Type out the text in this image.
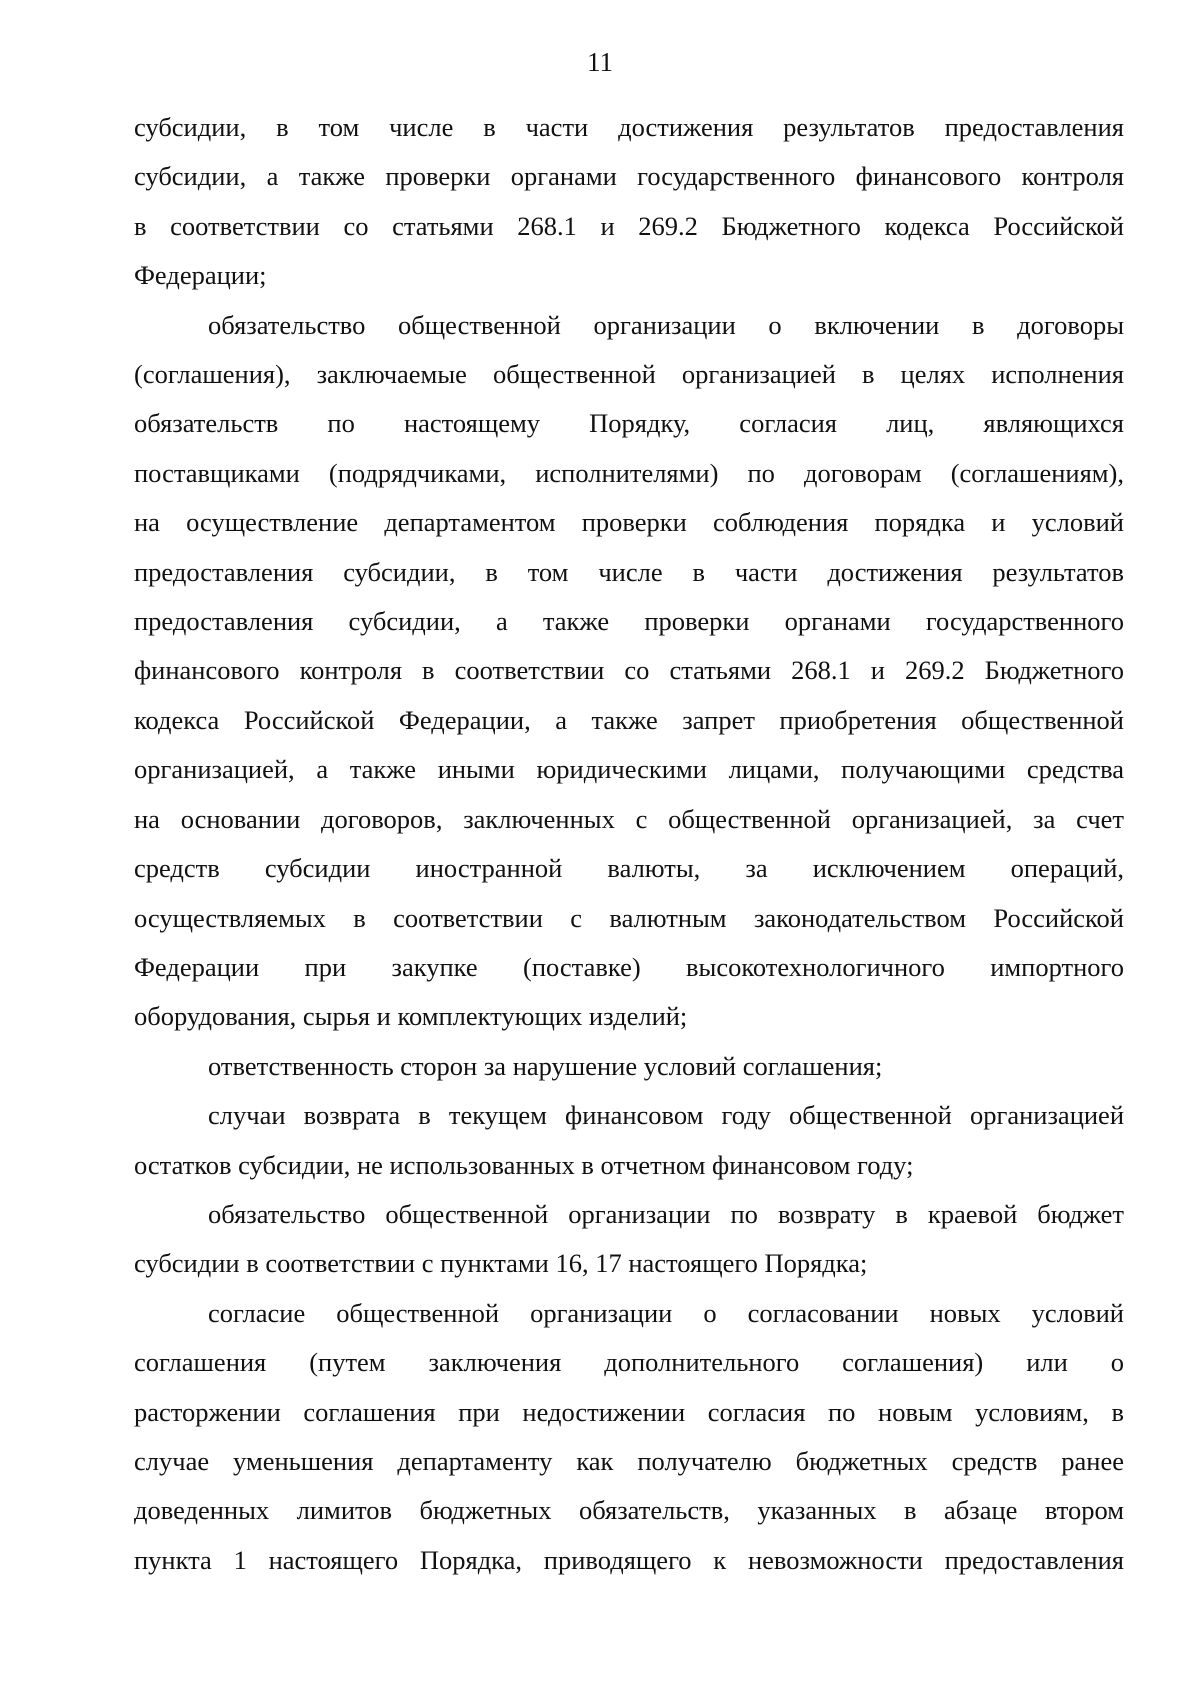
11
субсидии, в том числе в части достижения результатов предоставления
субсидии, а также проверки органами государственного финансового контроля
в соответствии со статьями 268.1 и 269.2 Бюджетного кодекса Российской
Федерации;
обязательство общественной организации о включении в договоры
(соглашения), заключаемые общественной организацией в целях исполнения
обязательств по настоящему Порядку, согласия лиц, являющихся
поставщиками (подрядчиками, исполнителями) по договорам (соглашениям),
на осуществление департаментом проверки соблюдения порядка и условий
предоставления субсидии, в том числе в части достижения результатов
предоставления субсидии, а также проверки органами государственного
финансового контроля в соответствии со статьями 268.1 и 269.2 Бюджетного
кодекса Российской Федерации, а также запрет приобретения общественной
организацией, а также иными юридическими лицами, получающими средства
на основании договоров, заключенных с общественной организацией, за счет
средств субсидии иностранной валюты, за исключением операций,
осуществляемых в соответствии с валютным законодательством Российской
Федерации при закупке (поставке) высокотехнологичного импортного
оборудования, сырья и комплектующих изделий;
ответственность сторон за нарушение условий соглашения;
случаи возврата в текущем финансовом году общественной организацией
остатков субсидии, не использованных в отчетном финансовом году;
обязательство общественной организации по возврату в краевой бюджет
субсидии в соответствии с пунктами 16, 17 настоящего Порядка;
согласие общественной организации о согласовании новых условий
соглашения (путем заключения дополнительного соглашения) или о
расторжении соглашения при недостижении согласия по новым условиям, в
случае уменьшения департаменту как получателю бюджетных средств ранее
доведенных лимитов бюджетных обязательств, указанных в абзаце втором
пункта 1 настоящего Порядка, приводящего к невозможности предоставления
